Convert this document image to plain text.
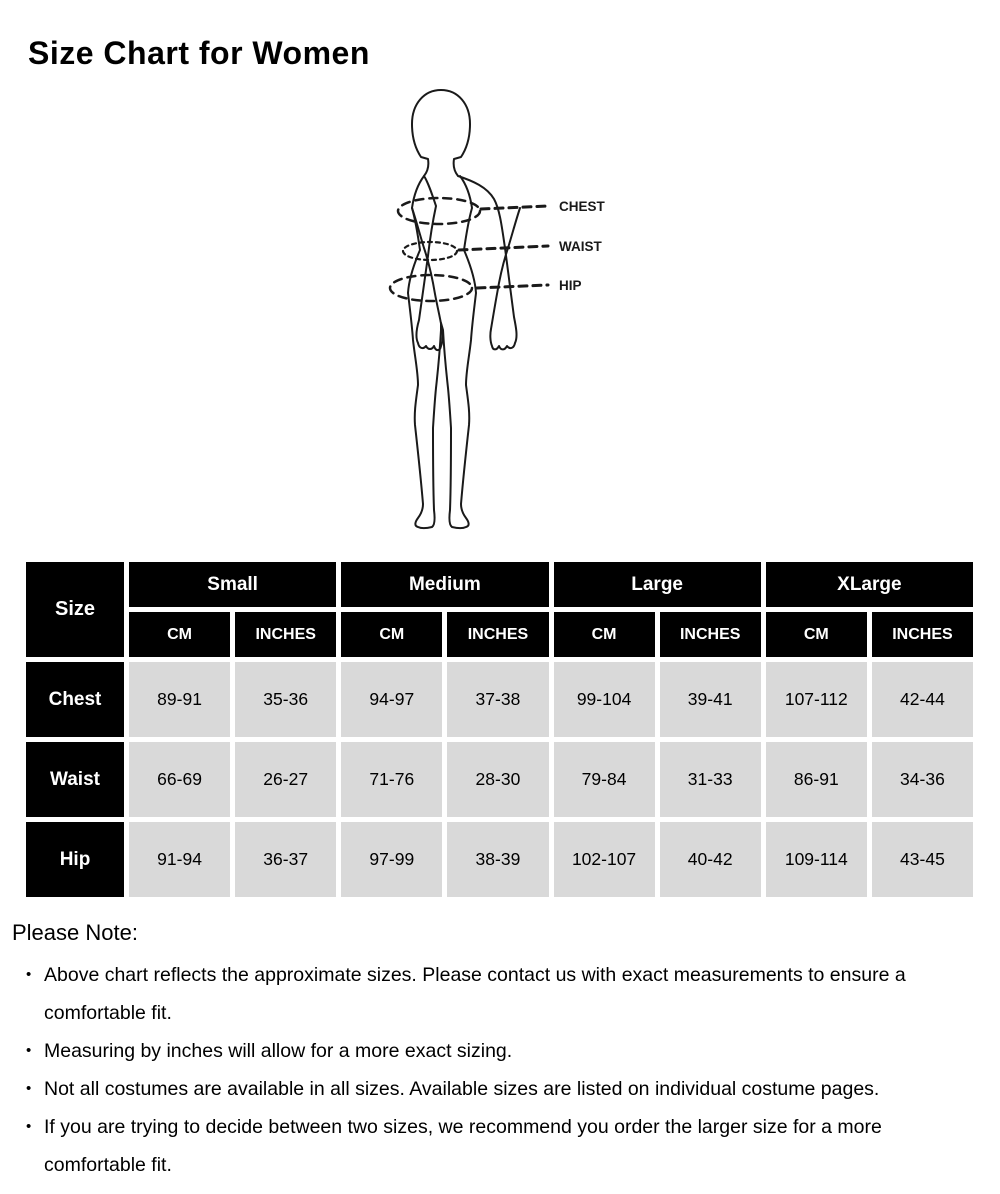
Size Chart for Women
CHEST
WAIST
HIP
Size	Small		Medium		Large		XLarge	
	CM	INCHES	CM	INCHES	CM	INCHES	CM	INCHES
Chest	89-91	35-36	94-97	37-38	99-104	39-41	107-112	42-44
Waist	66-69	26-27	71-76	28-30	79-84	31-33	86-91	34-36
Hip	91-94	36-37	97-99	38-39	102-107	40-42	109-114	43-45

Please Note:

• Above chart reflects the approximate sizes. Please contact us with exact measurements to ensure a comfortable fit.
• Measuring by inches will allow for a more exact sizing.
• Not all costumes are available in all sizes. Available sizes are listed on individual costume pages.
• If you are trying to decide between two sizes, we recommend you order the larger size for a more comfortable fit.
